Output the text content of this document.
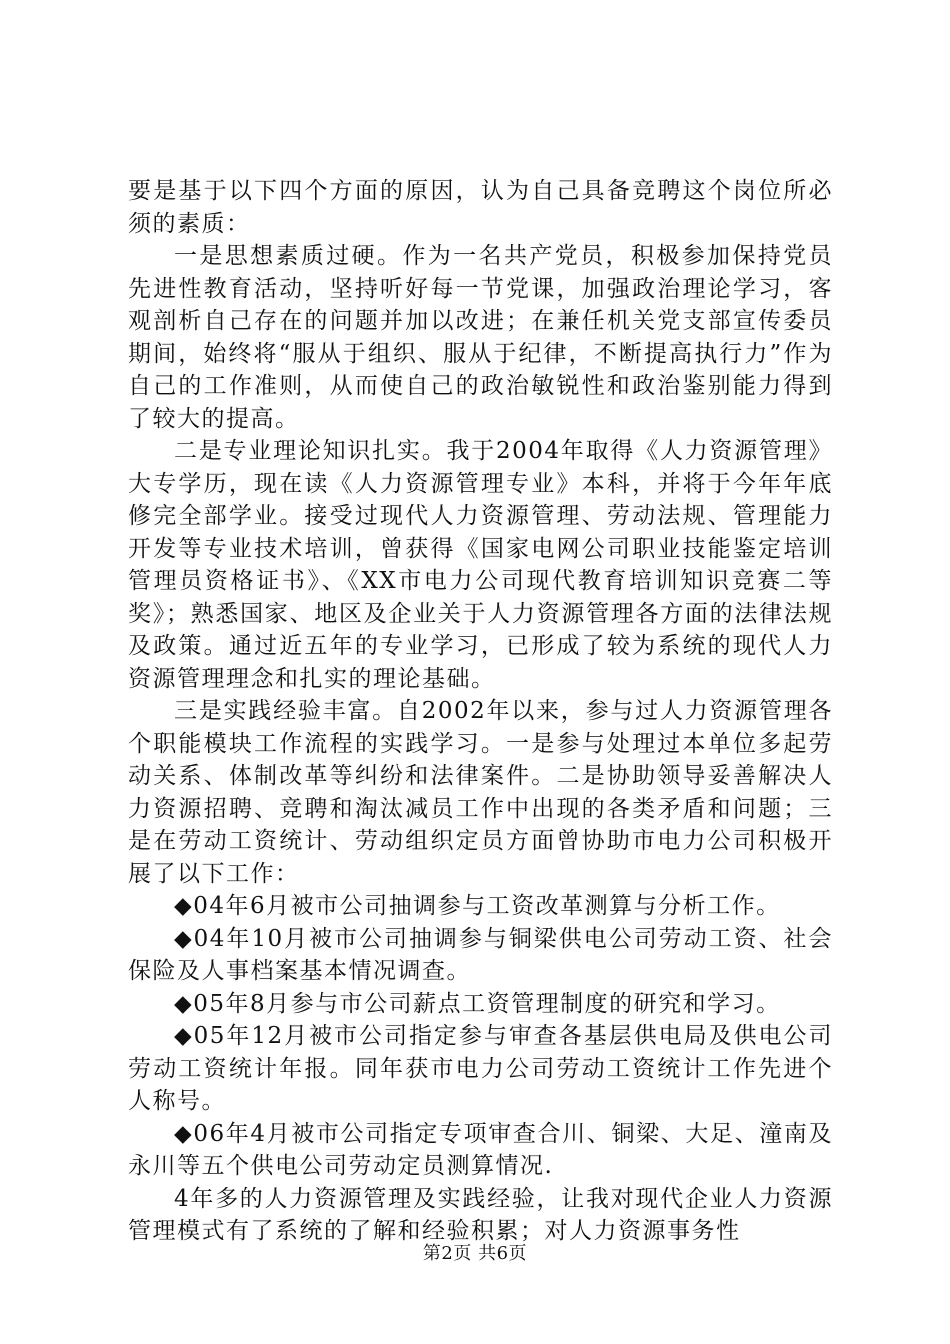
要是基于以下四个方面的原因，认为自己具备竞聘这个岗位所必须的素质：

一是思想素质过硬。作为一名共产党员，积极参加保持党员先进性教育活动，坚持听好每一节党课，加强政治理论学习，客观剖析自己存在的问题并加以改进；在兼任机关党支部宣传委员期间，始终将“服从于组织、服从于纪律，不断提高执行力”作为自己的工作准则，从而使自己的政治敏锐性和政治鉴别能力得到了较大的提高。

二是专业理论知识扎实。我于2004年取得《人力资源管理》大专学历，现在读《人力资源管理专业》本科，并将于今年年底修完全部学业。接受过现代人力资源管理、劳动法规、管理能力开发等专业技术培训，曾获得《国家电网公司职业技能鉴定培训管理员资格证书》、《XX市电力公司现代教育培训知识竞赛二等奖》；熟悉国家、地区及企业关于人力资源管理各方面的法律法规及政策。通过近五年的专业学习，已形成了较为系统的现代人力资源管理理念和扎实的理论基础。

三是实践经验丰富。自2002年以来，参与过人力资源管理各个职能模块工作流程的实践学习。一是参与处理过本单位多起劳动关系、体制改革等纠纷和法律案件。二是协助领导妥善解决人力资源招聘、竞聘和淘汰减员工作中出现的各类矛盾和问题；三是在劳动工资统计、劳动组织定员方面曾协助市电力公司积极开展了以下工作：

◆04年6月被市公司抽调参与工资改革测算与分析工作。

◆04年10月被市公司抽调参与铜梁供电公司劳动工资、社会保险及人事档案基本情况调查。

◆05年8月参与市公司薪点工资管理制度的研究和学习。

◆05年12月被市公司指定参与审查各基层供电局及供电公司劳动工资统计年报。同年获市电力公司劳动工资统计工作先进个人称号。

◆06年4月被市公司指定专项审查合川、铜梁、大足、潼南及永川等五个供电公司劳动定员测算情况.

4年多的人力资源管理及实践经验，让我对现代企业人力资源管理模式有了系统的了解和经验积累；对人力资源事务性

第2页 共6页
